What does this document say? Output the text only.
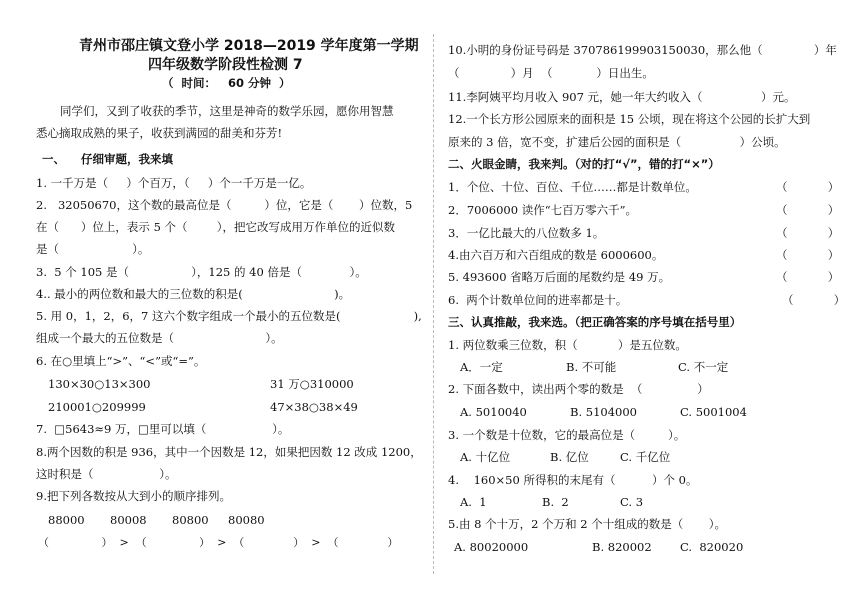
青州市邵庄镇文登小学 2018—2019 学年度第一学期
四年级数学阶段性检测 7
（  时间：   60 分钟  ）
同学们，又到了收获的季节，这里是神奇的数学乐园，愿你用智慧
悉心摘取成熟的果子，收获到满园的甜美和芬芳!
一、    仔细审题，我来填
1. 一千万是（     ）个百万，（     ）个一千万是一亿。
2.   32050670，这个数的最高位是（         ）位，它是（       ）位数，5
在（      ）位上，表示 5 个（        ），把它改写成用万作单位的近似数
是（                    ）。
3.  5 个 105 是（                 ），125 的 40 倍是（             ）。
4.. 最小的两位数和最大的三位数的积是(                         )。
5. 用 0，1，2，6，7 这六个数字组成一个最小的五位数是(                    ),
组成一个最大的五位数是（                         ）。
6. 在○里填上“>”、“<”或“=”。
130×30○13×300	31 万○310000
210001○209999	47×38○38×49
7.  □5643≈9 万，□里可以填（                  ）。
8.两个因数的积是 936，其中一个因数是 12，如果把因数 12 改成 1200，
这时积是（                  ）。
9.把下列各数按从大到小的顺序排列。
88000 80008 80800 80080
（               ）  >  （               ）  >  （              ）  >  （              ）
10.小明的身份证号码是 370786199903150030，那么他（              ）年
（              ）月  （            ）日出生。
11.李阿姨平均月收入 907 元，她一年大约收入（                ）元。
12.一个长方形公园原来的面积是 15 公顷，现在将这个公园的长扩大到
原来的 3 倍，宽不变，扩建后公园的面积是（                ）公顷。
二、火眼金睛，我来判。（对的打“√”，错的打“×”）
1．个位、十位、百位、千位……都是计数单位。	（           ）
2．7006000 读作“七百万零六千”。	（           ）
3．一亿比最大的八位数多 1。	（           ）
4.由六百万和六百组成的数是 6000600。	（           ）
5. 493600 省略万后面的尾数约是 49 万。	（           ）
6.  两个计数单位间的进率都是十。	（           ）
三、认真推敲，我来选。（把正确答案的序号填在括号里）
1. 两位数乘三位数，积（           ）是五位数。
A．一定	B. 不可能	C. 不一定
2. 下面各数中，读出两个零的数是  （               ）
A. 5010040	B. 5104000	C. 5001004
3. 一个数是十位数，它的最高位是（         ）。
A. 十亿位	B. 亿位	C. 千亿位
4.    160×50 所得积的末尾有（          ）个 0。
A.  1	B.  2	C. 3
5.由 8 个十万，2 个万和 2 个十组成的数是（       ）。
A. 80020000	B. 820002 C.  820020
